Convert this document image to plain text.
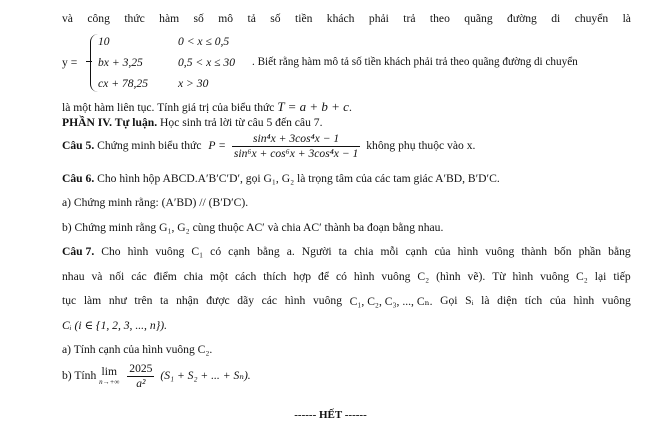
và công thức hàm số mô tả số tiền khách phải trả theo quãng đường di chuyển là
y =
10	0 < x ≤ 0,5
bx + 3,25	0,5 < x ≤ 30
cx + 78,25	x > 30
. Biết rằng hàm mô tả số tiền khách phải trả theo quãng đường di chuyển
là một hàm liên tục. Tính giá trị của biểu thức T = a + b + c.
PHẦN IV. Tự luận. Học sinh trả lời từ câu 5 đến câu 7.
Câu 5. Chứng minh biểu thức $P = \frac{\text{sin⁴x + 3cos⁴x − 1}}{\text{sin⁶x + cos⁶x + 3cos⁴x − 1}}$ không phụ thuộc vào x.
Câu 6. Cho hình hộp ABCD.A′B′C′D′, gọi G₁, G₂ là trọng tâm của các tam giác A′BD, B′D′C.
a) Chứng minh rằng: (A′BD) // (B′D′C).
b) Chứng minh rằng G₁, G₂ cùng thuộc AC′ và chia AC′ thành ba đoạn bằng nhau.
Câu 7. Cho hình vuông C₁ có cạnh bằng a. Người ta chia mỗi cạnh của hình vuông thành bốn phần bằng
nhau và nối các điểm chia một cách thích hợp để có hình vuông C₂ (hình vẽ). Từ hình vuông C₂ lại tiếp
tục làm như trên ta nhận được dãy các hình vuông C₁, C₂, C₃, ..., Cₙ. Gọi Sᵢ là diện tích của hình vuông
Cᵢ (i ∈ {1, 2, 3, ..., n}).
a) Tính cạnh của hình vuông C₂.
b) Tính lim
n→+∞
$\frac{2025}{\text{a²}} (S_1 + S_2$ + ... + Sₙ).
------ HẾT ------
